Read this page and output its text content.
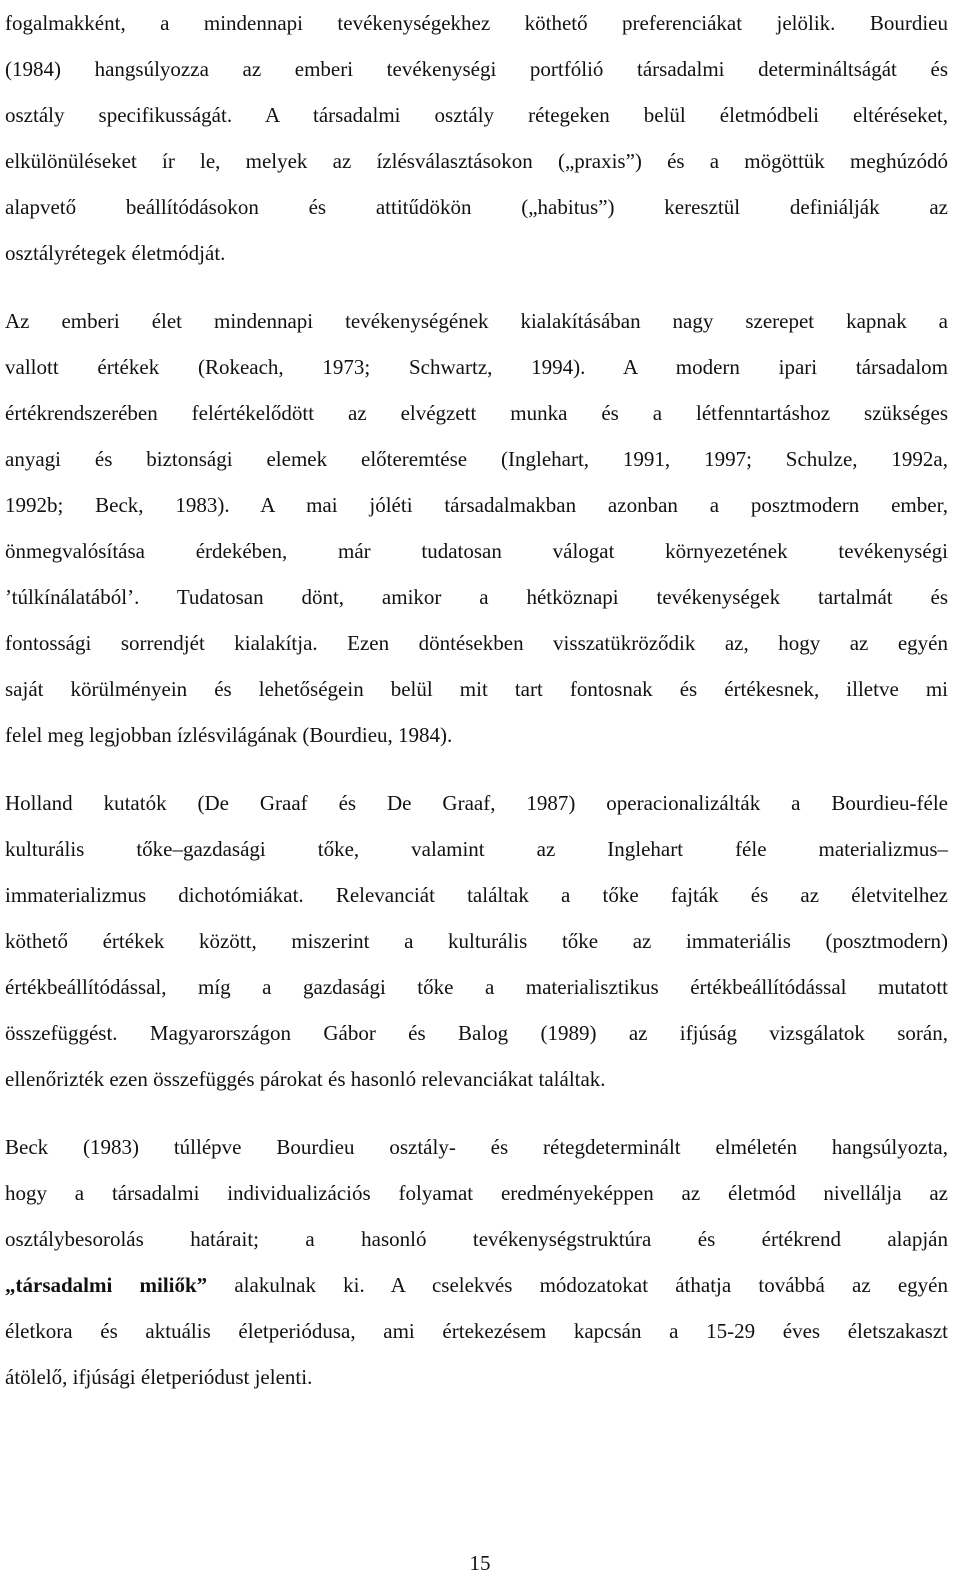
fogalmakként, a mindennapi tevékenységekhez köthető preferenciákat jelölik. Bourdieu
(1984) hangsúlyozza az emberi tevékenységi portfólió társadalmi determináltságát és
osztály specifikusságát. A társadalmi osztály rétegeken belül életmódbeli eltéréseket,
elkülönüléseket ír le, melyek az ízlésválasztásokon („praxis”) és a mögöttük meghúzódó
alapvető beállítódásokon és attitűdökön („habitus”) keresztül definiálják az
osztályrétegek életmódját.
Az emberi élet mindennapi tevékenységének kialakításában nagy szerepet kapnak a
vallott értékek (Rokeach, 1973; Schwartz, 1994). A modern ipari társadalom
értékrendszerében felértékelődött az elvégzett munka és a létfenntartáshoz szükséges
anyagi és biztonsági elemek előteremtése (Inglehart, 1991, 1997; Schulze, 1992a,
1992b; Beck, 1983). A mai jóléti társadalmakban azonban a posztmodern ember,
önmegvalósítása érdekében, már tudatosan válogat környezetének tevékenységi
’túlkínálatából’. Tudatosan dönt, amikor a hétköznapi tevékenységek tartalmát és
fontossági sorrendjét kialakítja. Ezen döntésekben visszatükröződik az, hogy az egyén
saját körülményein és lehetőségein belül mit tart fontosnak és értékesnek, illetve mi
felel meg legjobban ízlésvilágának (Bourdieu, 1984).
Holland kutatók (De Graaf és De Graaf, 1987) operacionalizálták a Bourdieu-féle
kulturális tőke–gazdasági tőke, valamint az Inglehart féle materializmus–
immaterializmus dichotómiákat. Relevanciát találtak a tőke fajták és az életvitelhez
köthető értékek között, miszerint a kulturális tőke az immateriális (posztmodern)
értékbeállítódással, míg a gazdasági tőke a materialisztikus értékbeállítódással mutatott
összefüggést. Magyarországon Gábor és Balog (1989) az ifjúság vizsgálatok során,
ellenőrizték ezen összefüggés párokat és hasonló relevanciákat találtak.
Beck (1983) túllépve Bourdieu osztály- és rétegdeterminált elméletén hangsúlyozta,
hogy a társadalmi individualizációs folyamat eredményeképpen az életmód nivellálja az
osztálybesorolás határait; a hasonló tevékenységstruktúra és értékrend alapján
„társadalmi miliők” alakulnak ki. A cselekvés módozatokat áthatja továbbá az egyén
életkora és aktuális életperiódusa, ami értekezésem kapcsán a 15-29 éves életszakaszt
átölelő, ifjúsági életperiódust jelenti.
15
